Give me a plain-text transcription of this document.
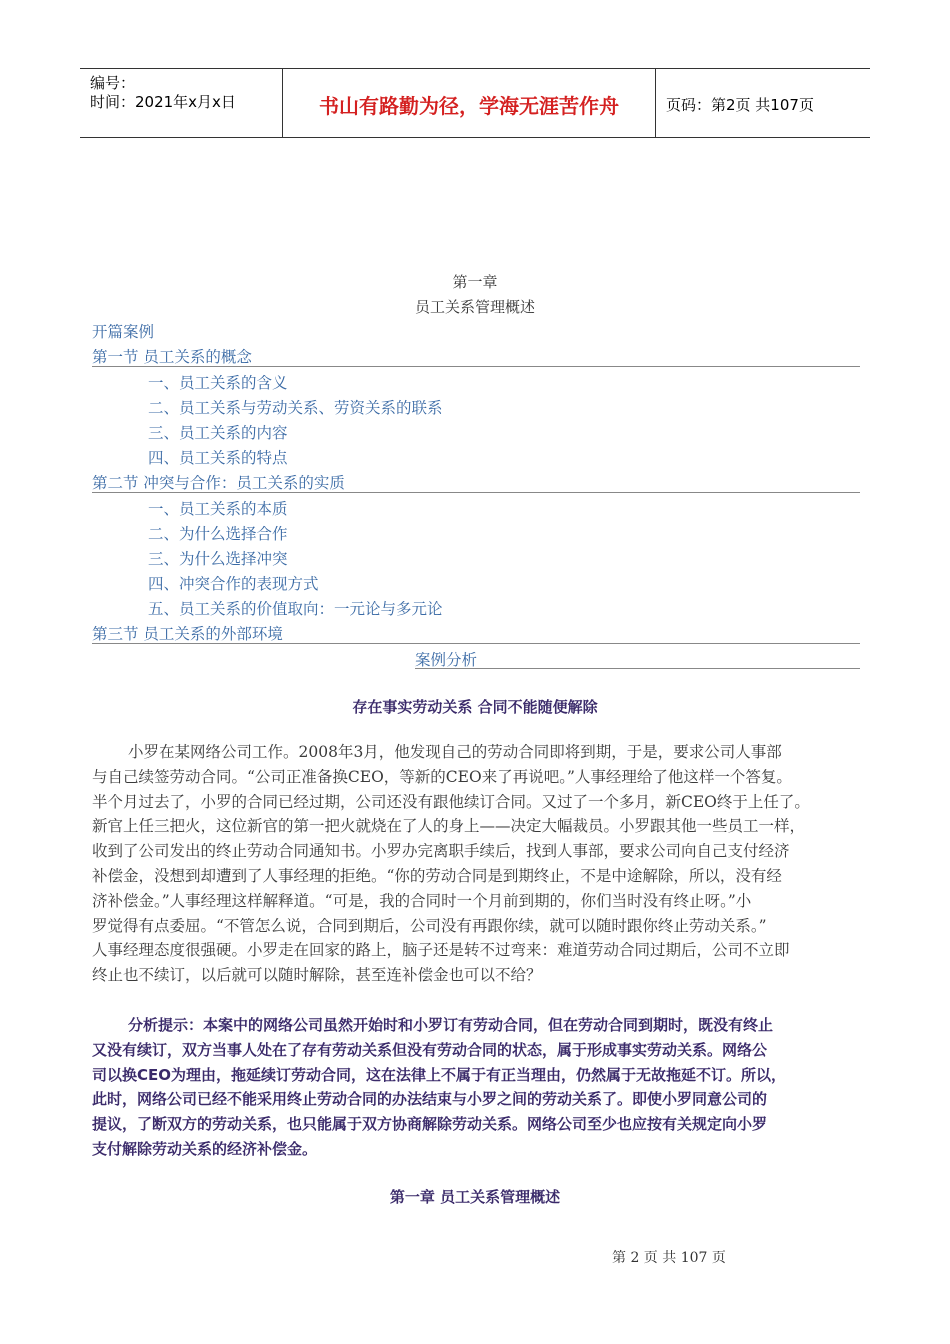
编号：
时间：2021年x月x日	书山有路勤为径，学海无涯苦作舟	页码：第2页 共107页
第一章
员工关系管理概述
开篇案例
第一节 员工关系的概念
一、员工关系的含义
二、员工关系与劳动关系、劳资关系的联系
三、员工关系的内容
四、员工关系的特点
第二节 冲突与合作：员工关系的实质
一、员工关系的本质
二、为什么选择合作
三、为什么选择冲突
四、冲突合作的表现方式
五、员工关系的价值取向：一元论与多元论
第三节 员工关系的外部环境
案例分析
存在事实劳动关系 合同不能随便解除
小罗在某网络公司工作。2008年3月，他发现自己的劳动合同即将到期，于是，要求公司人事部
与自己续签劳动合同。“公司正准备换CEO，等新的CEO来了再说吧。”人事经理给了他这样一个答复。
半个月过去了，小罗的合同已经过期，公司还没有跟他续订合同。又过了一个多月，新CEO终于上任了。
新官上任三把火，这位新官的第一把火就烧在了人的身上——决定大幅裁员。小罗跟其他一些员工一样，
收到了公司发出的终止劳动合同通知书。小罗办完离职手续后，找到人事部，要求公司向自己支付经济
补偿金，没想到却遭到了人事经理的拒绝。“你的劳动合同是到期终止，不是中途解除，所以，没有经
济补偿金。”人事经理这样解释道。“可是，我的合同时一个月前到期的，你们当时没有终止呀。”小
罗觉得有点委屈。“不管怎么说，合同到期后，公司没有再跟你续，就可以随时跟你终止劳动关系。”
人事经理态度很强硬。小罗走在回家的路上，脑子还是转不过弯来：难道劳动合同过期后，公司不立即
终止也不续订，以后就可以随时解除，甚至连补偿金也可以不给？
分析提示：本案中的网络公司虽然开始时和小罗订有劳动合同，但在劳动合同到期时，既没有终止
又没有续订，双方当事人处在了存有劳动关系但没有劳动合同的状态，属于形成事实劳动关系。网络公
司以换CEO为理由，拖延续订劳动合同，这在法律上不属于有正当理由，仍然属于无故拖延不订。所以，
此时，网络公司已经不能采用终止劳动合同的办法结束与小罗之间的劳动关系了。即使小罗同意公司的
提议，了断双方的劳动关系，也只能属于双方协商解除劳动关系。网络公司至少也应按有关规定向小罗
支付解除劳动关系的经济补偿金。
第一章 员工关系管理概述
第 2 页 共 107 页
